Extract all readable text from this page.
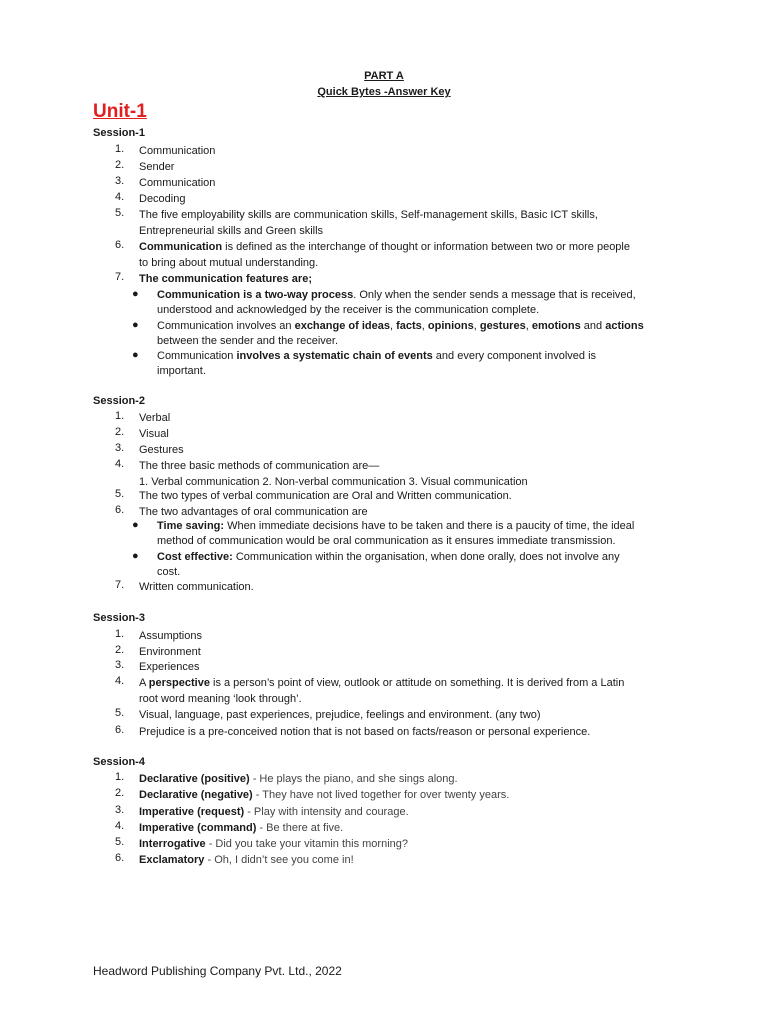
PART A
Quick Bytes -Answer Key
Unit-1
Session-1
1.	Communication
2.	Sender
3.	Communication
4.	Decoding
5.	The five employability skills are communication skills, Self-management skills, Basic ICT skills,
Entrepreneurial skills and Green skills
6.	Communication is defined as the interchange of thought or information between two or more people
to bring about mutual understanding.
7.	The communication features are;
● Communication is a two-way process. Only when the sender sends a message that is received,
understood and acknowledged by the receiver is the communication complete.
● Communication involves an exchange of ideas, facts, opinions, gestures, emotions and actions
between the sender and the receiver.
● Communication involves a systematic chain of events and every component involved is
important.
Session-2
1.	Verbal
2.	Visual
3.	Gestures
4.	The three basic methods of communication are—
1. Verbal communication 2. Non-verbal communication 3. Visual communication
5.	The two types of verbal communication are Oral and Written communication.
6.	The two advantages of oral communication are
● Time saving: When immediate decisions have to be taken and there is a paucity of time, the ideal
method of communication would be oral communication as it ensures immediate transmission.
● Cost effective: Communication within the organisation, when done orally, does not involve any
cost.
7.	Written communication.
Session-3
1.	Assumptions
2.	Environment
3.	Experiences
4.	A perspective is a person’s point of view, outlook or attitude on something. It is derived from a Latin
root word meaning ‘look through’.
5.	Visual, language, past experiences, prejudice, feelings and environment. (any two)
6.	Prejudice is a pre-conceived notion that is not based on facts/reason or personal experience.
Session-4
1.	Declarative (positive) - He plays the piano, and she sings along.
2.	Declarative (negative) - They have not lived together for over twenty years.
3.	Imperative (request) - Play with intensity and courage.
4.	Imperative (command) - Be there at five.
5.	Interrogative - Did you take your vitamin this morning?
6.	Exclamatory - Oh, I didn’t see you come in!
Headword Publishing Company Pvt. Ltd., 2022
